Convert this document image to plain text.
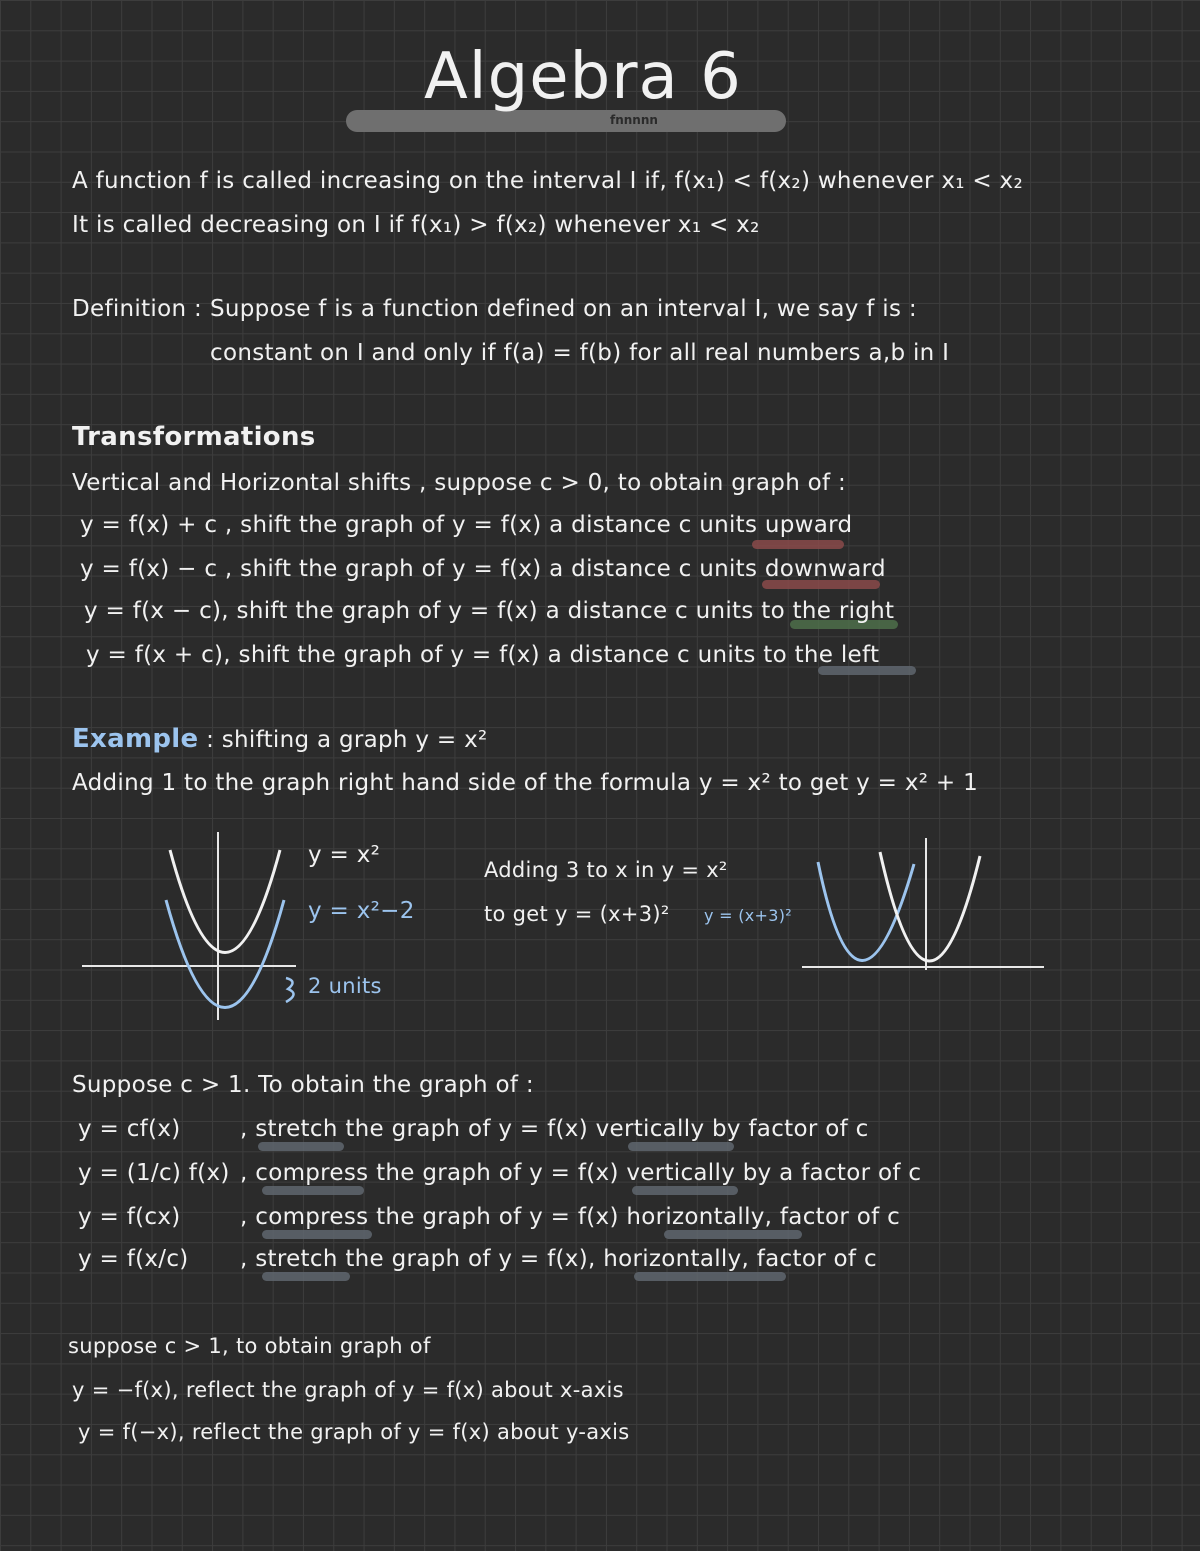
Algebra 6
fnnnnn
A function f is called increasing on the interval I if, f(x₁) < f(x₂) whenever x₁ < x₂
It is called decreasing on I if f(x₁) > f(x₂) whenever x₁ < x₂
Definition : Suppose f is a function defined on an interval I, we say f is :
constant on I and only if f(a) = f(b) for all real numbers a,b in I
Transformations
Vertical and Horizontal shifts , suppose c > 0, to obtain graph of :
y = f(x) + c , shift the graph of y = f(x) a distance c units upward
y = f(x) − c , shift the graph of y = f(x) a distance c units downward
y = f(x − c), shift the graph of y = f(x) a distance c units to the right
y = f(x + c), shift the graph of y = f(x) a distance c units to the left
Example : shifting a graph y = x²
Adding 1 to the graph right hand side of the formula y = x² to get y = x² + 1
y = x²
y = x²−2
2 units
Adding 3 to x in y = x²
to get y = (x+3)² y = (x+3)²
Suppose c > 1. To obtain the graph of :
y = cf(x)	, stretch the graph of y = f(x) vertically by factor of c
y = (1/c) f(x) , compress the graph of y = f(x) vertically by a factor of c
y = f(cx)	, compress the graph of y = f(x) horizontally, factor of c
y = f(x/c) , stretch the graph of y = f(x), horizontally, factor of c
suppose c > 1, to obtain graph of
y = −f(x), reflect the graph of y = f(x) about x-axis
y = f(−x), reflect the graph of y = f(x) about y-axis
